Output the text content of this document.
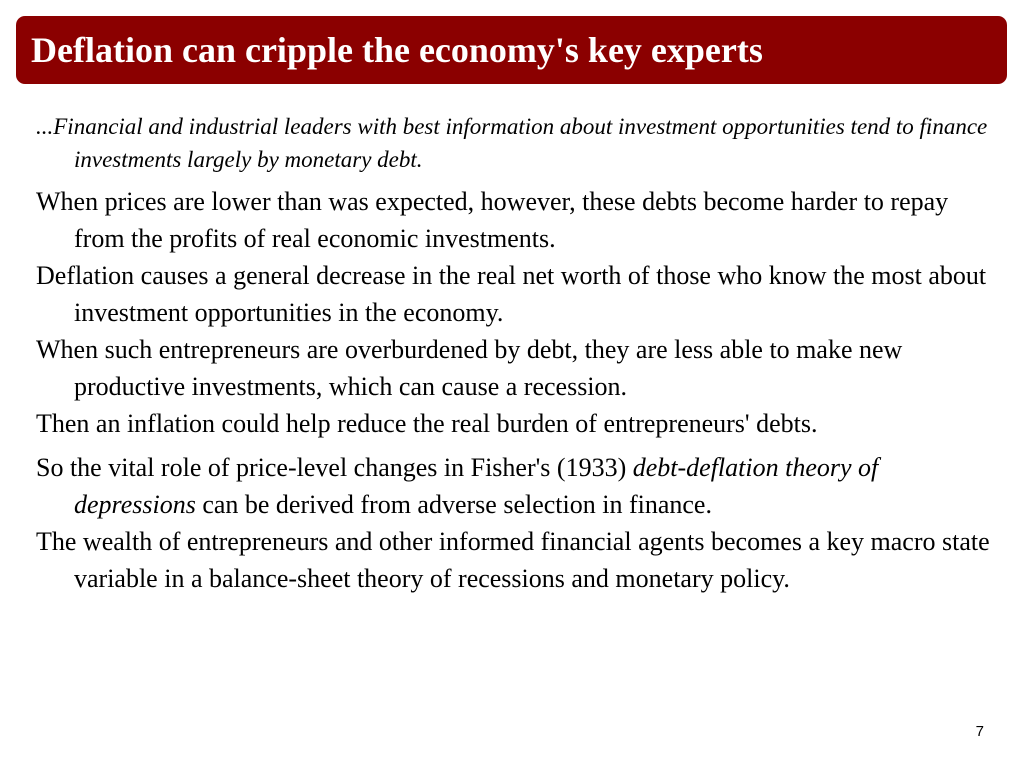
Deflation can cripple the economy's key experts

...Financial and industrial leaders with best information about investment opportunities tend to finance investments largely by monetary debt.

When prices are lower than was expected, however, these debts become harder to repay from the profits of real economic investments.

Deflation causes a general decrease in the real net worth of those who know the most about investment opportunities in the economy.

When such entrepreneurs are overburdened by debt, they are less able to make new productive investments, which can cause a recession.

Then an inflation could help reduce the real burden of entrepreneurs' debts.

So the vital role of price-level changes in Fisher's (1933) debt-deflation theory of depressions can be derived from adverse selection in finance.

The wealth of entrepreneurs and other informed financial agents becomes a key macro state variable in a balance-sheet theory of recessions and monetary policy.

7
